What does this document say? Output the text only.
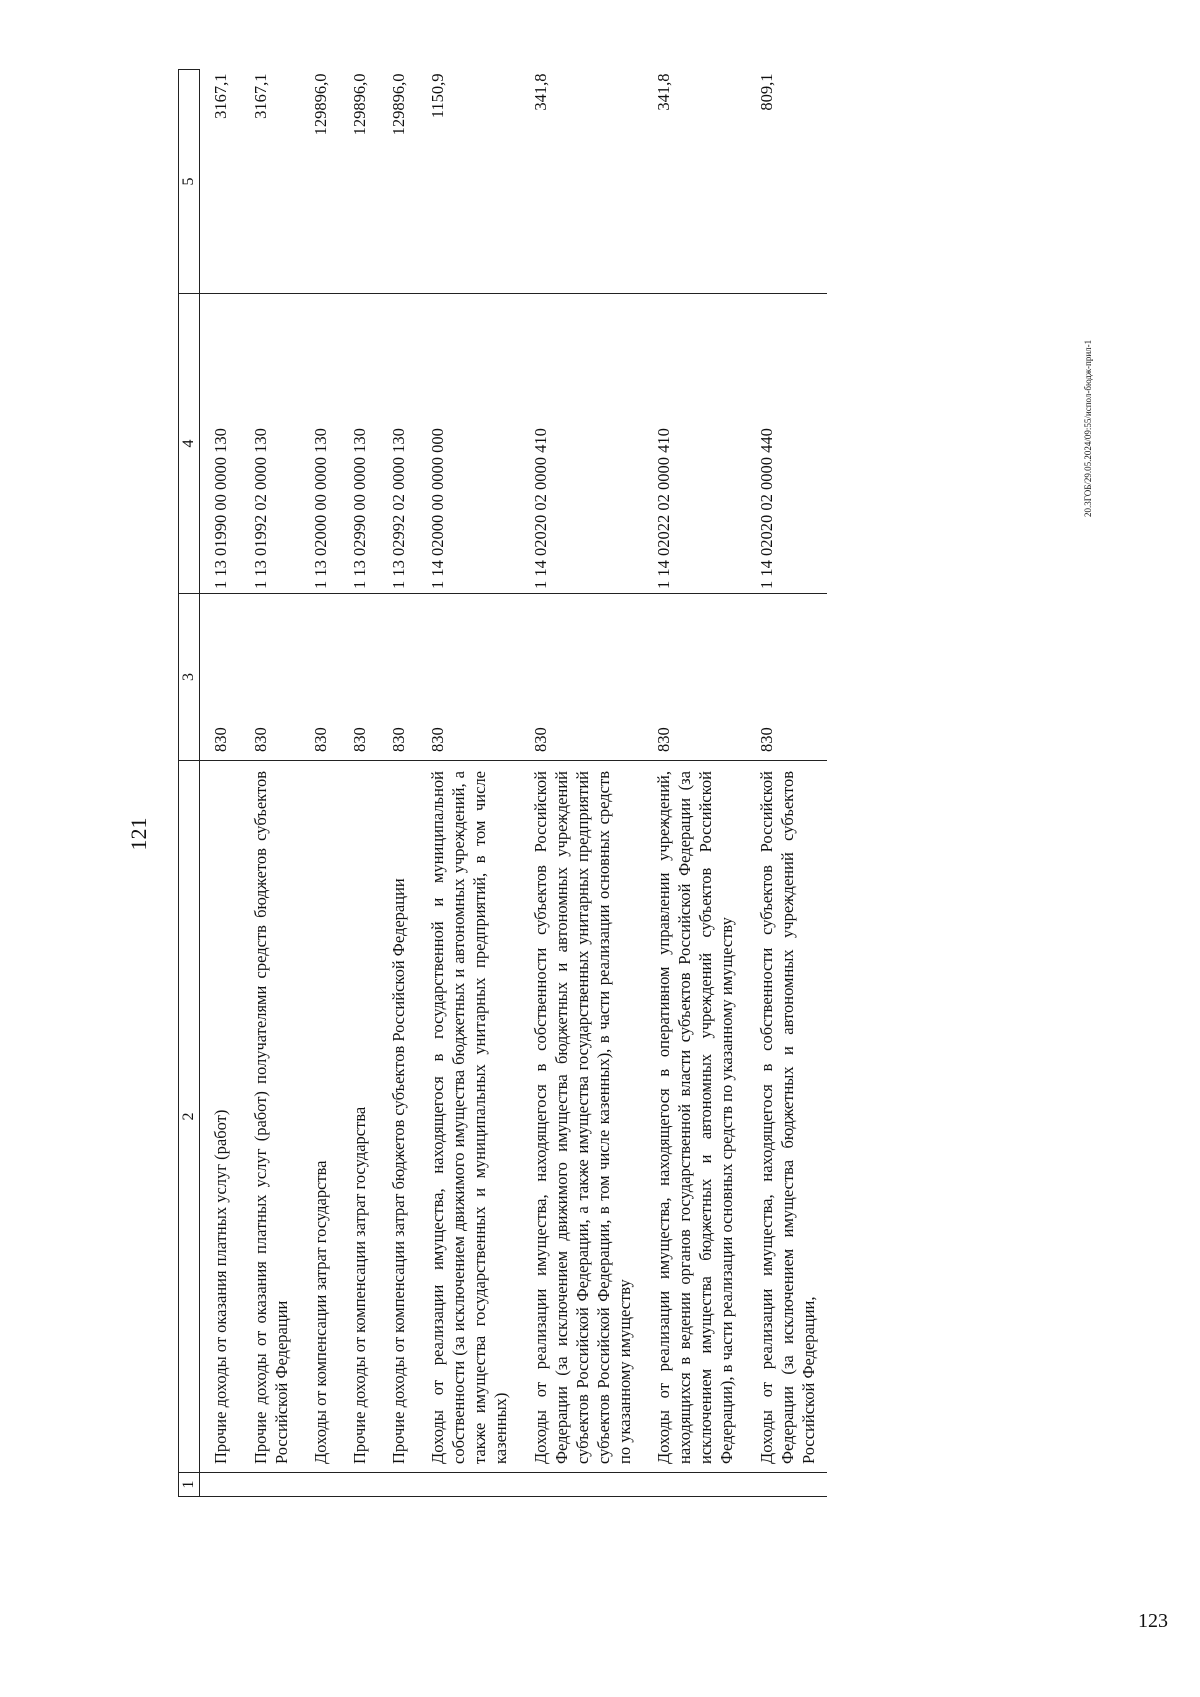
121
1	2	3	4	5
	Прочие доходы от оказания платных услуг (работ)	830	1 13 01990 00 0000 130	3167,1
	Прочие доходы от оказания платных услуг (работ) получателями средств бюджетов субъектов Российской Федерации	830	1 13 01992 02 0000 130	3167,1
	Доходы от компенсации затрат государства	830	1 13 02000 00 0000 130	129896,0
	Прочие доходы от компенсации затрат государства	830	1 13 02990 00 0000 130	129896,0
	Прочие доходы от компенсации затрат бюджетов субъектов Российской Федерации	830	1 13 02992 02 0000 130	129896,0
	Доходы от реализации имущества, находящегося в государственной и муниципальной собственности (за исключением движимого имущества бюджетных и автономных учреждений, а также имущества государственных и муниципальных унитарных предприятий, в том числе казенных)	830	1 14 02000 00 0000 000	1150,9
	Доходы от реализации имущества, находящегося в собственности субъектов Российской Федерации (за исключением движимого имущества бюджетных и автономных учреждений субъектов Российской Федерации, а также имущества государственных унитарных предприятий субъектов Российской Федерации, в том числе казенных), в части реализации основных средств по указанному имуществу	830	1 14 02020 02 0000 410	341,8
	Доходы от реализации имущества, находящегося в оперативном управлении учреждений, находящихся в ведении органов государственной власти субъектов Российской Федерации (за исключением имущества бюджетных и автономных учреждений субъектов Российской Федерации), в части реализации основных средств по указанному имуществу	830	1 14 02022 02 0000 410	341,8
	Доходы от реализации имущества, находящегося в собственности субъектов Российской Федерации (за исключением имущества бюджетных и автономных учреждений субъектов Российской Федерации,	830	1 14 02020 02 0000 440	809,1
20.3ГОБ/29.05.2024/09:55/испол-бюдж-прил-1
123
